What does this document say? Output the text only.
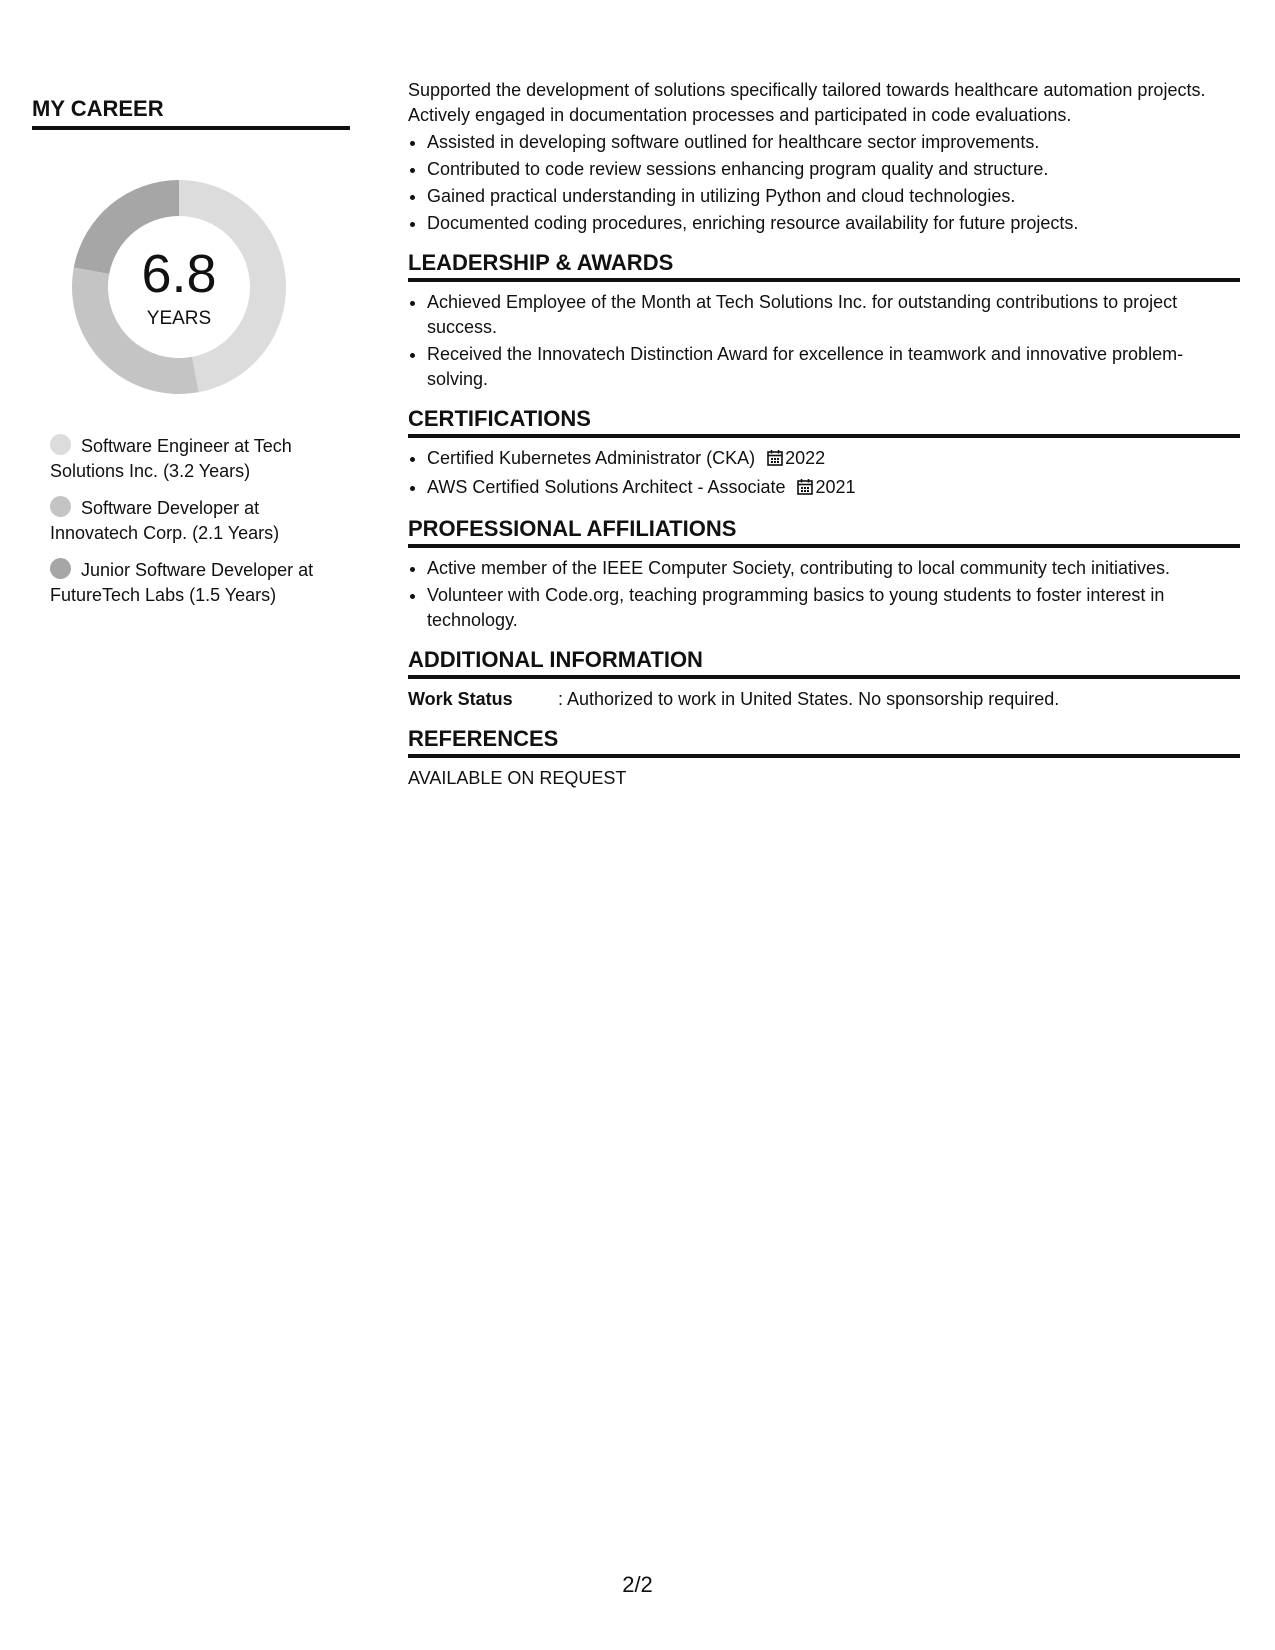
MY CAREER
6.8
YEARS
Software Engineer at Tech Solutions Inc. (3.2 Years)
Software Developer at Innovatech Corp. (2.1 Years)
Junior Software Developer at FutureTech Labs (1.5 Years)

Supported the development of solutions specifically tailored towards healthcare automation projects. Actively engaged in documentation processes and participated in code evaluations.

• Assisted in developing software outlined for healthcare sector improvements.
• Contributed to code review sessions enhancing program quality and structure.
• Gained practical understanding in utilizing Python and cloud technologies.
• Documented coding procedures, enriching resource availability for future projects.
LEADERSHIP & AWARDS
• Achieved Employee of the Month at Tech Solutions Inc. for outstanding contributions to project success.
• Received the Innovatech Distinction Award for excellence in teamwork and innovative problem-solving.
CERTIFICATIONS
• Certified Kubernetes Administrator (CKA) 2022
• AWS Certified Solutions Architect - Associate 2021
PROFESSIONAL AFFILIATIONS
• Active member of the IEEE Computer Society, contributing to local community tech initiatives.
• Volunteer with Code.org, teaching programming basics to young students to foster interest in technology.
ADDITIONAL INFORMATION
Work Status	: Authorized to work in United States. No sponsorship required.
REFERENCES
AVAILABLE ON REQUEST
2/2
